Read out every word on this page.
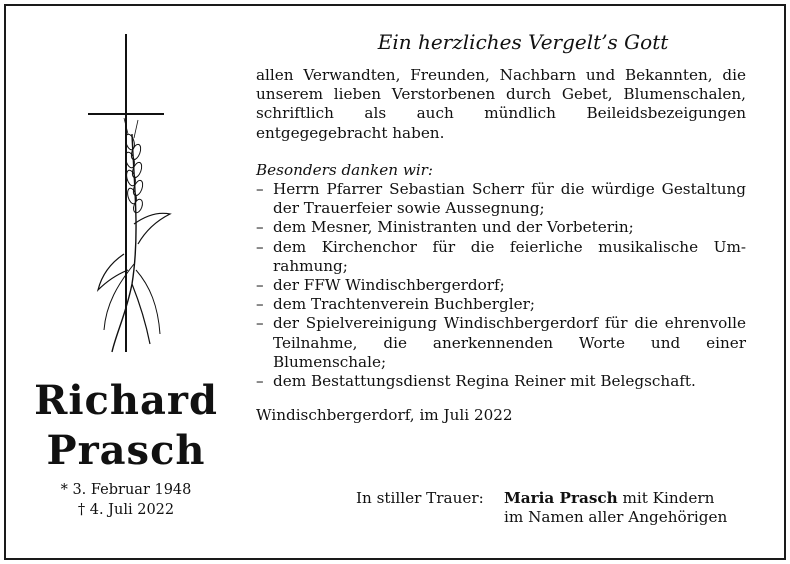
Richard
Prasch
* 3. Februar 1948
† 4. Juli 2022
Ein herzliches Vergelt’s Gott

allen Verwandten, Freunden, Nachbarn und Bekannten, die unserem lieben Verstorbenen durch Gebet, Blumenschalen, schriftlich als auch mündlich Beileidsbezeigungen entgegegebracht haben.

Besonders danken wir:

– Herrn Pfarrer Sebastian Scherr für die würdige Gestaltung der Trauerfeier sowie Aussegnung;
– dem Mesner, Ministranten und der Vorbeterin;
– dem Kirchenchor für die feierliche musikalische Umrahmung;
– der FFW Windischbergerdorf;
– dem Trachtenverein Buchbergler;
– der Spielvereinigung Windischbergerdorf für die ehrenvolle Teilnahme, die anerkennenden Worte und einer Blumenschale;
– dem Bestattungsdienst Regina Reiner mit Belegschaft.

Windischbergerdorf, im Juli 2022

In stiller Trauer: Maria Prasch mit Kindern
im Namen aller Angehörigen
